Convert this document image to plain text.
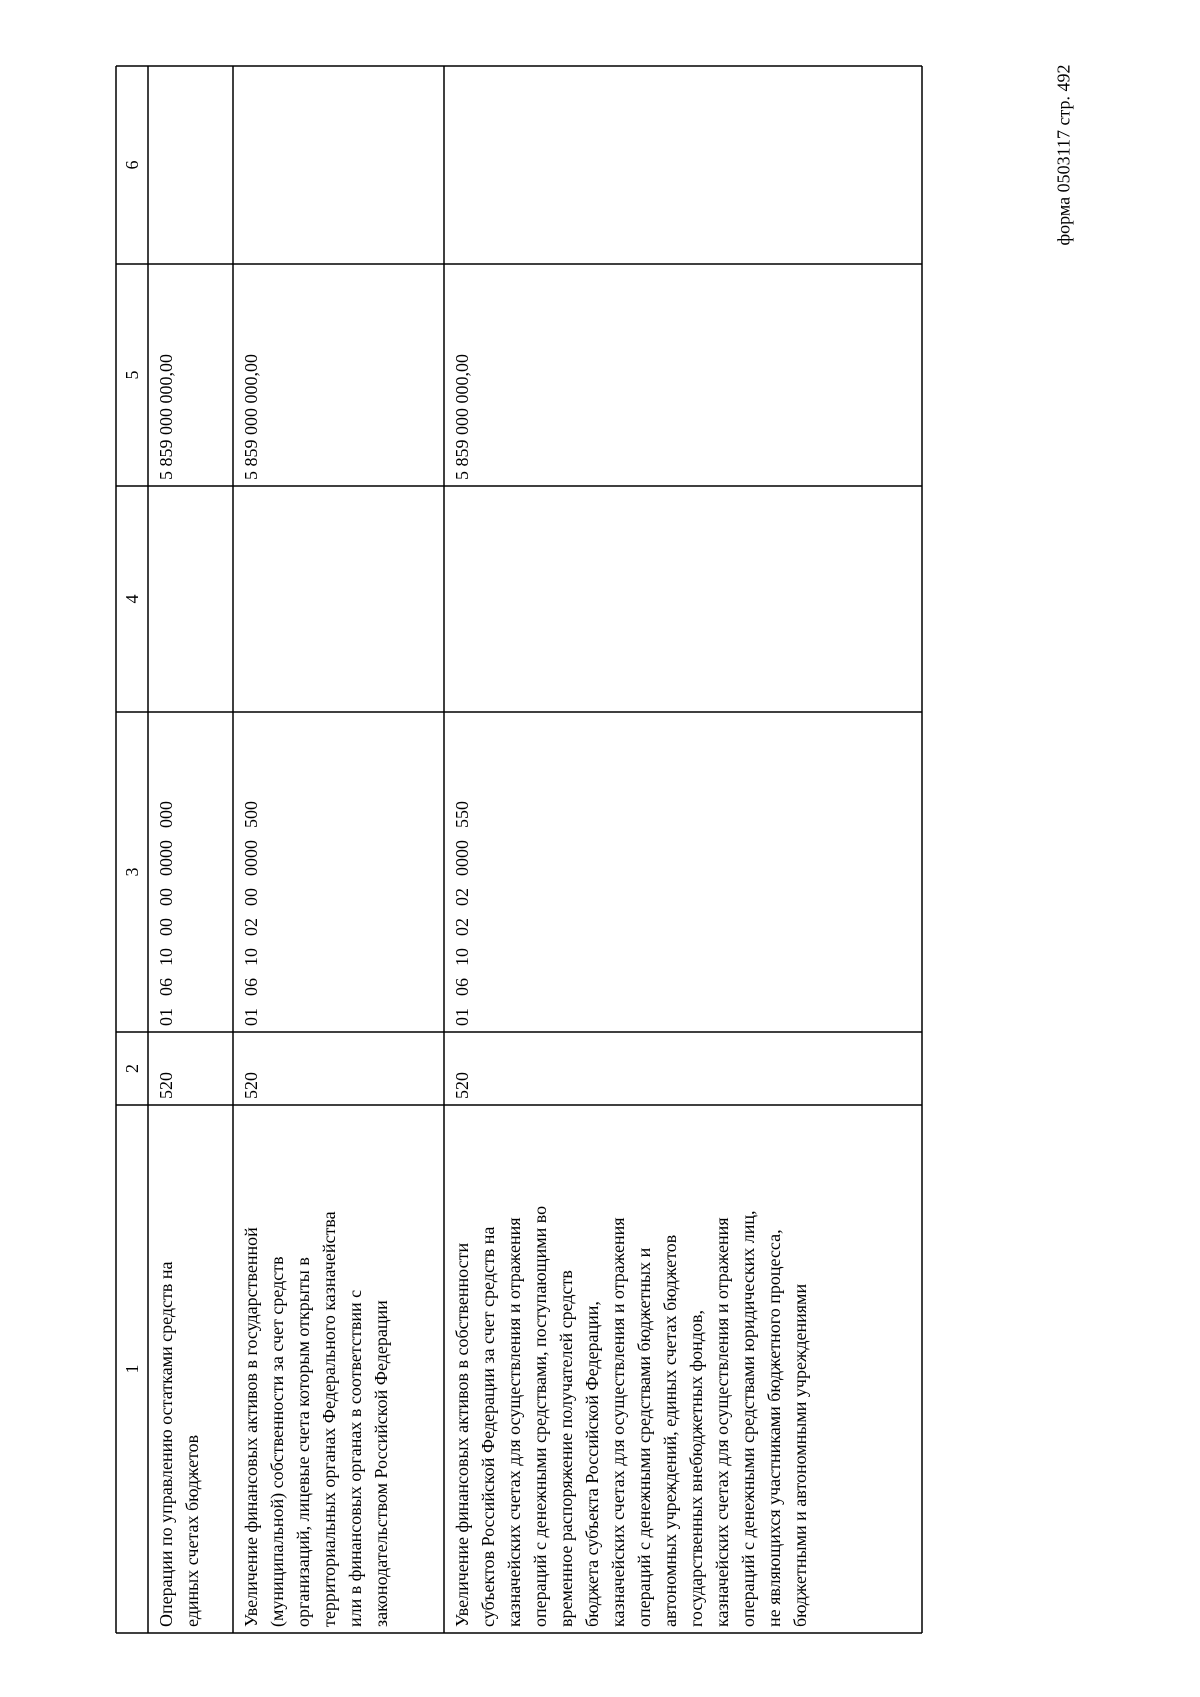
форма 0503117 стр. 492
1
2
3
4
5
6
Операции по управлению остатками средств на
единых счетах бюджетов
520
01061000000000000
5 859 000 000,00
Увеличение финансовых активов в государственной
(муниципальной) собственности за счет средств
организаций, лицевые счета которым открыты в
территориальных органах Федерального казначейства
или в финансовых органах в соответствии с
законодательством Российской Федерации
520
01061002000000500
5 859 000 000,00
Увеличение финансовых активов в собственности
субъектов Российской Федерации за счет средств на
казначейских счетах для осуществления и отражения
операций с денежными средствами, поступающими во
временное распоряжение получателей средств
бюджета субъекта Российской Федерации,
казначейских счетах для осуществления и отражения
операций с денежными средствами бюджетных и
автономных учреждений, единых счетах бюджетов
государственных внебюджетных фондов,
казначейских счетах для осуществления и отражения
операций с денежными средствами юридических лиц,
не являющихся участниками бюджетного процесса,
бюджетными и автономными учреждениями
520
01061002020000550
5 859 000 000,00
